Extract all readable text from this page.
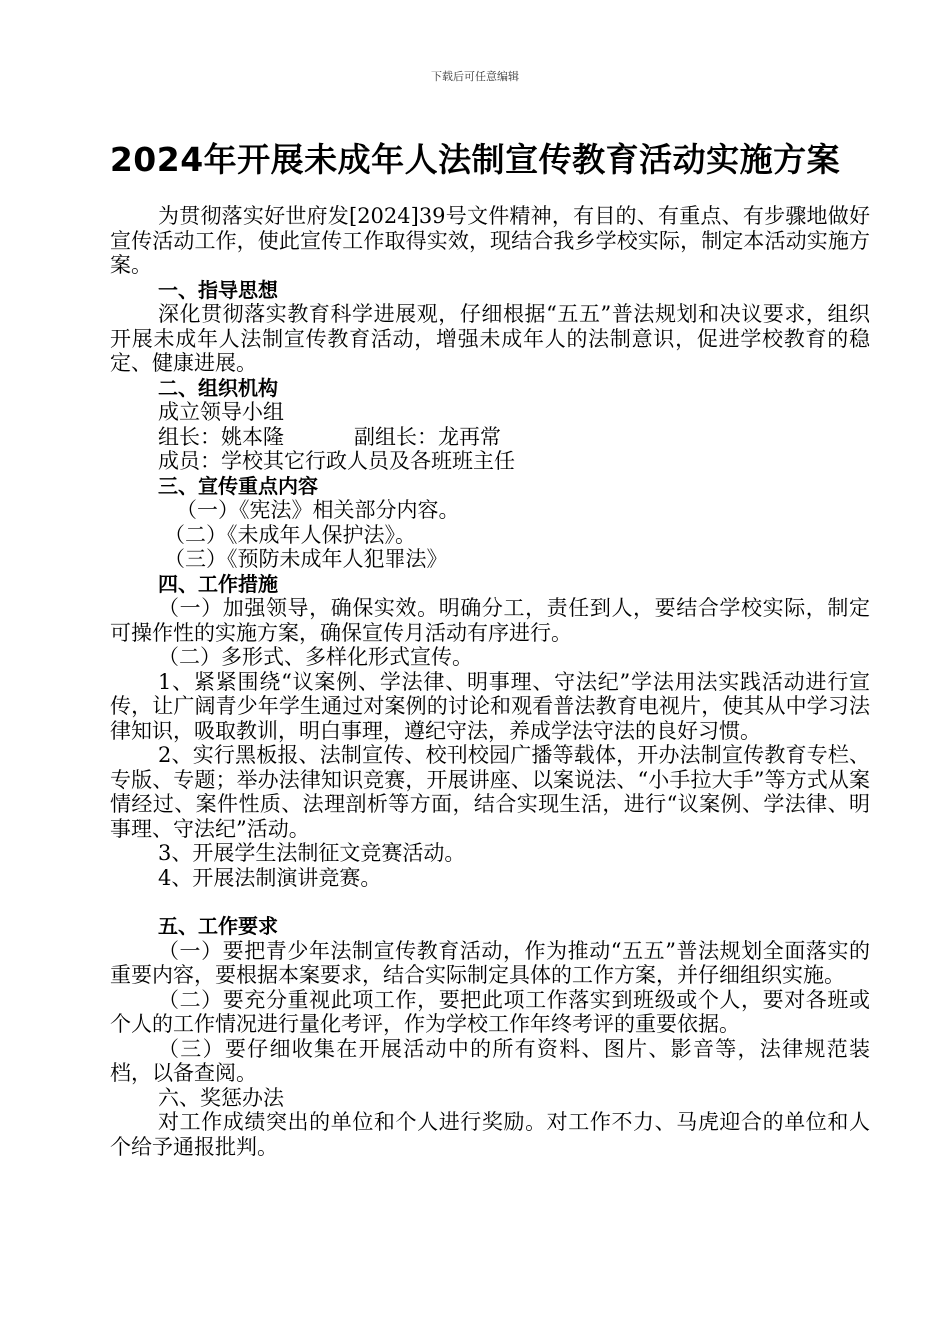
下载后可任意编辑
2024年开展未成年人法制宣传教育活动实施方案

为贯彻落实好世府发[2024]39号文件精神，有目的、有重点、有步骤地做好宣传活动工作，使此宣传工作取得实效，现结合我乡学校实际，制定本活动实施方案。

一、指导思想

深化贯彻落实教育科学进展观，仔细根据“五五”普法规划和决议要求，组织开展未成年人法制宣传教育活动，增强未成年人的法制意识，促进学校教育的稳定、健康进展。

二、组织机构

成立领导小组

组长：姚本隆	副组长：龙再常

成员：学校其它行政人员及各班班主任

三、宣传重点内容

（一）《宪法》相关部分内容。

（二）《未成年人保护法》。

（三）《预防未成年人犯罪法》

四、工作措施

（一）加强领导，确保实效。明确分工，责任到人，要结合学校实际，制定可操作性的实施方案，确保宣传月活动有序进行。

（二）多形式、多样化形式宣传。

1、紧紧围绕“议案例、学法律、明事理、守法纪”学法用法实践活动进行宣传，让广阔青少年学生通过对案例的讨论和观看普法教育电视片，使其从中学习法律知识，吸取教训，明白事理，遵纪守法，养成学法守法的良好习惯。

2、实行黑板报、法制宣传、校刊校园广播等载体，开办法制宣传教育专栏、专版、专题；举办法律知识竞赛，开展讲座、以案说法、“小手拉大手”等方式从案情经过、案件性质、法理剖析等方面，结合实现生活，进行“议案例、学法律、明事理、守法纪”活动。

3、开展学生法制征文竞赛活动。

4、开展法制演讲竞赛。

五、工作要求

（一）要把青少年法制宣传教育活动，作为推动“五五”普法规划全面落实的重要内容，要根据本案要求，结合实际制定具体的工作方案，并仔细组织实施。

（二）要充分重视此项工作，要把此项工作落实到班级或个人，要对各班或个人的工作情况进行量化考评，作为学校工作年终考评的重要依据。

（三）要仔细收集在开展活动中的所有资料、图片、影音等，法律规范装档，以备查阅。

六、奖惩办法

对工作成绩突出的单位和个人进行奖励。对工作不力、马虎迎合的单位和人个给予通报批判。
